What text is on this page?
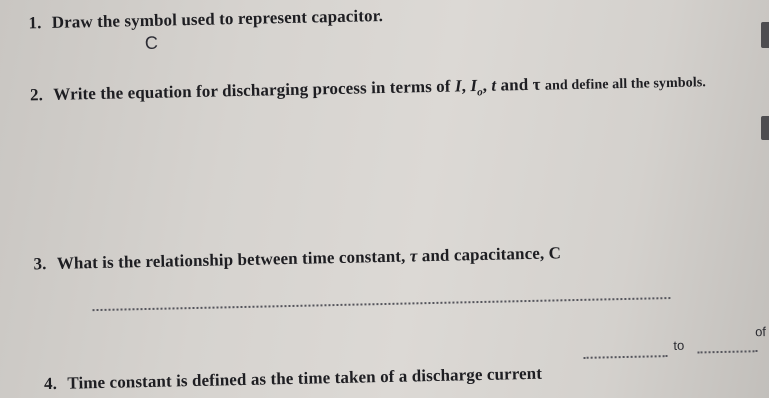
1. Draw the symbol used to represent capacitor.
C
2. Write the equation for discharging process in terms of I, $I_o$, t and τ and define all the symbols.
3. What is the relationship between time constant, τ and capacitance, C
4. Time constant is defined as the time taken of a discharge current
to
of
